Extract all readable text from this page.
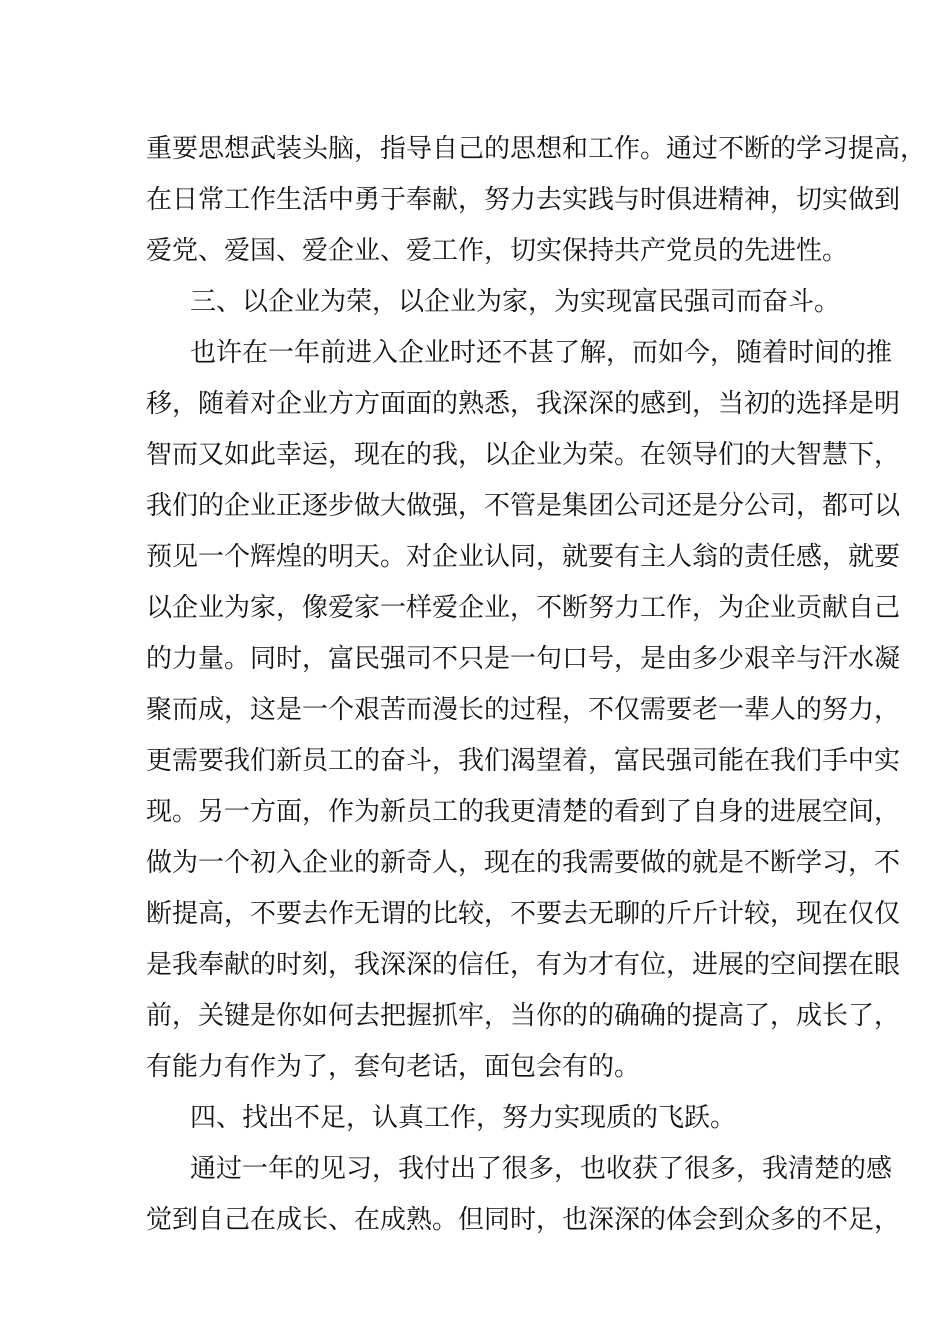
重要思想武装头脑，指导自己的思想和工作。通过不断的学习提高，
在日常工作生活中勇于奉献，努力去实践与时俱进精神，切实做到
爱党、爱国、爱企业、爱工作，切实保持共产党员的先进性。
三、以企业为荣，以企业为家，为实现富民强司而奋斗。
也许在一年前进入企业时还不甚了解，而如今，随着时间的推
移，随着对企业方方面面的熟悉，我深深的感到，当初的选择是明
智而又如此幸运，现在的我，以企业为荣。在领导们的大智慧下，
我们的企业正逐步做大做强，不管是集团公司还是分公司，都可以
预见一个辉煌的明天。对企业认同，就要有主人翁的责任感，就要
以企业为家，像爱家一样爱企业，不断努力工作，为企业贡献自己
的力量。同时，富民强司不只是一句口号，是由多少艰辛与汗水凝
聚而成，这是一个艰苦而漫长的过程，不仅需要老一辈人的努力，
更需要我们新员工的奋斗，我们渴望着，富民强司能在我们手中实
现。另一方面，作为新员工的我更清楚的看到了自身的进展空间，
做为一个初入企业的新奇人，现在的我需要做的就是不断学习，不
断提高，不要去作无谓的比较，不要去无聊的斤斤计较，现在仅仅
是我奉献的时刻，我深深的信任，有为才有位，进展的空间摆在眼
前，关键是你如何去把握抓牢，当你的的确确的提高了，成长了，
有能力有作为了，套句老话，面包会有的。
四、找出不足，认真工作，努力实现质的飞跃。
通过一年的见习，我付出了很多，也收获了很多，我清楚的感
觉到自己在成长、在成熟。但同时，也深深的体会到众多的不足，
